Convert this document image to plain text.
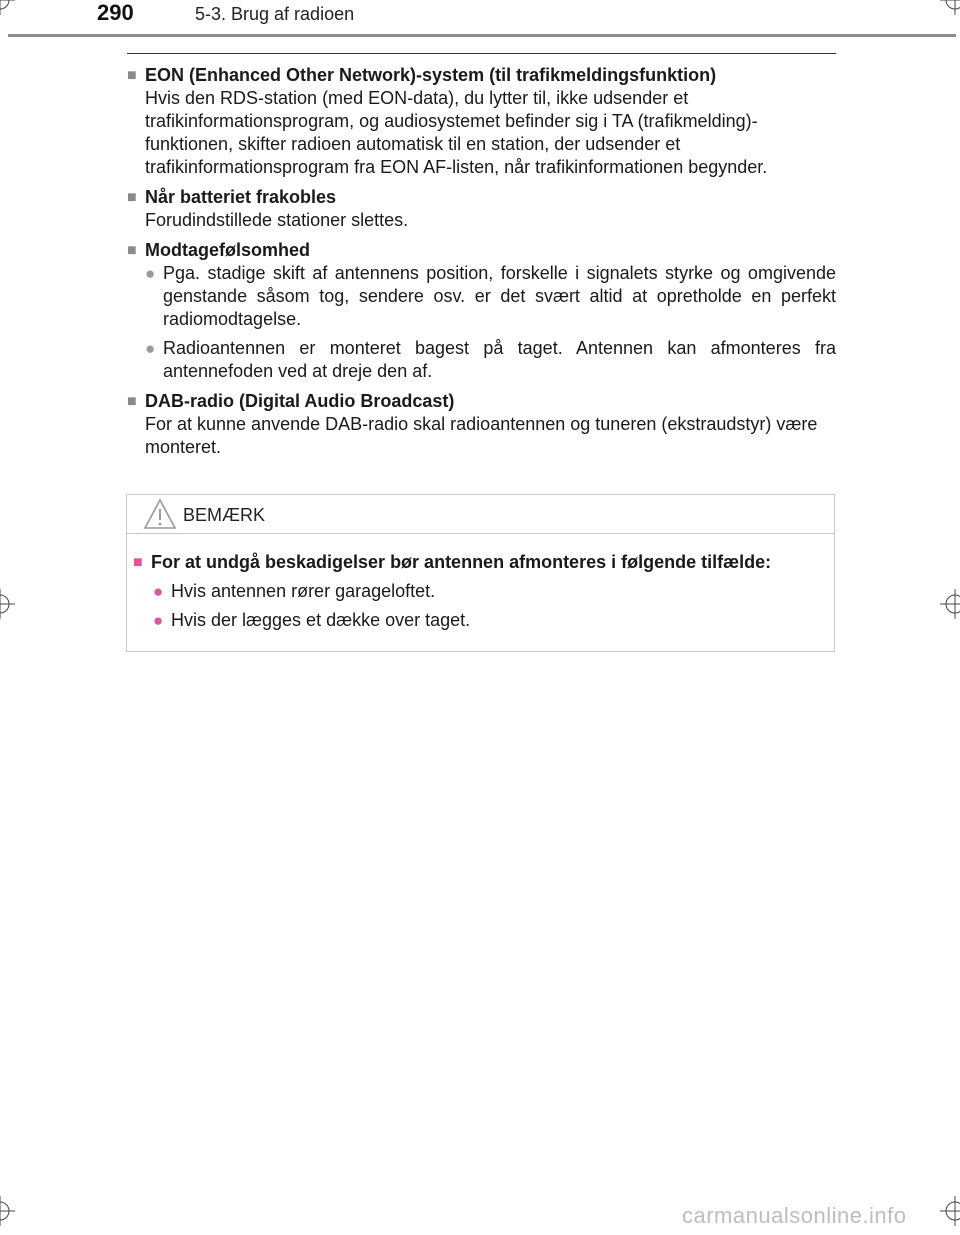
290	5-3. Brug af radioen
■ EON (Enhanced Other Network)-system (til trafikmeldingsfunktion)
Hvis den RDS-station (med EON-data), du lytter til, ikke udsender et trafikinformationsprogram, og audiosystemet befinder sig i TA (trafikmelding)-funktionen, skifter radioen automatisk til en station, der udsender et trafikinformationsprogram fra EON AF-listen, når trafikinformationen begynder.
■ Når batteriet frakobles
Forudindstillede stationer slettes.
■ Modtagefølsomhed
● Pga. stadige skift af antennens position, forskelle i signalets styrke og omgivende genstande såsom tog, sendere osv. er det svært altid at opretholde en perfekt radiomodtagelse.
● Radioantennen er monteret bagest på taget. Antennen kan afmonteres fra antennefoden ved at dreje den af.
■ DAB-radio (Digital Audio Broadcast)
For at kunne anvende DAB-radio skal radioantennen og tuneren (ekstraudstyr) være monteret.
BEMÆRK
■ For at undgå beskadigelser bør antennen afmonteres i følgende tilfælde:
● Hvis antennen rører garageloftet.
● Hvis der lægges et dække over taget.
carmanualsonline.info
